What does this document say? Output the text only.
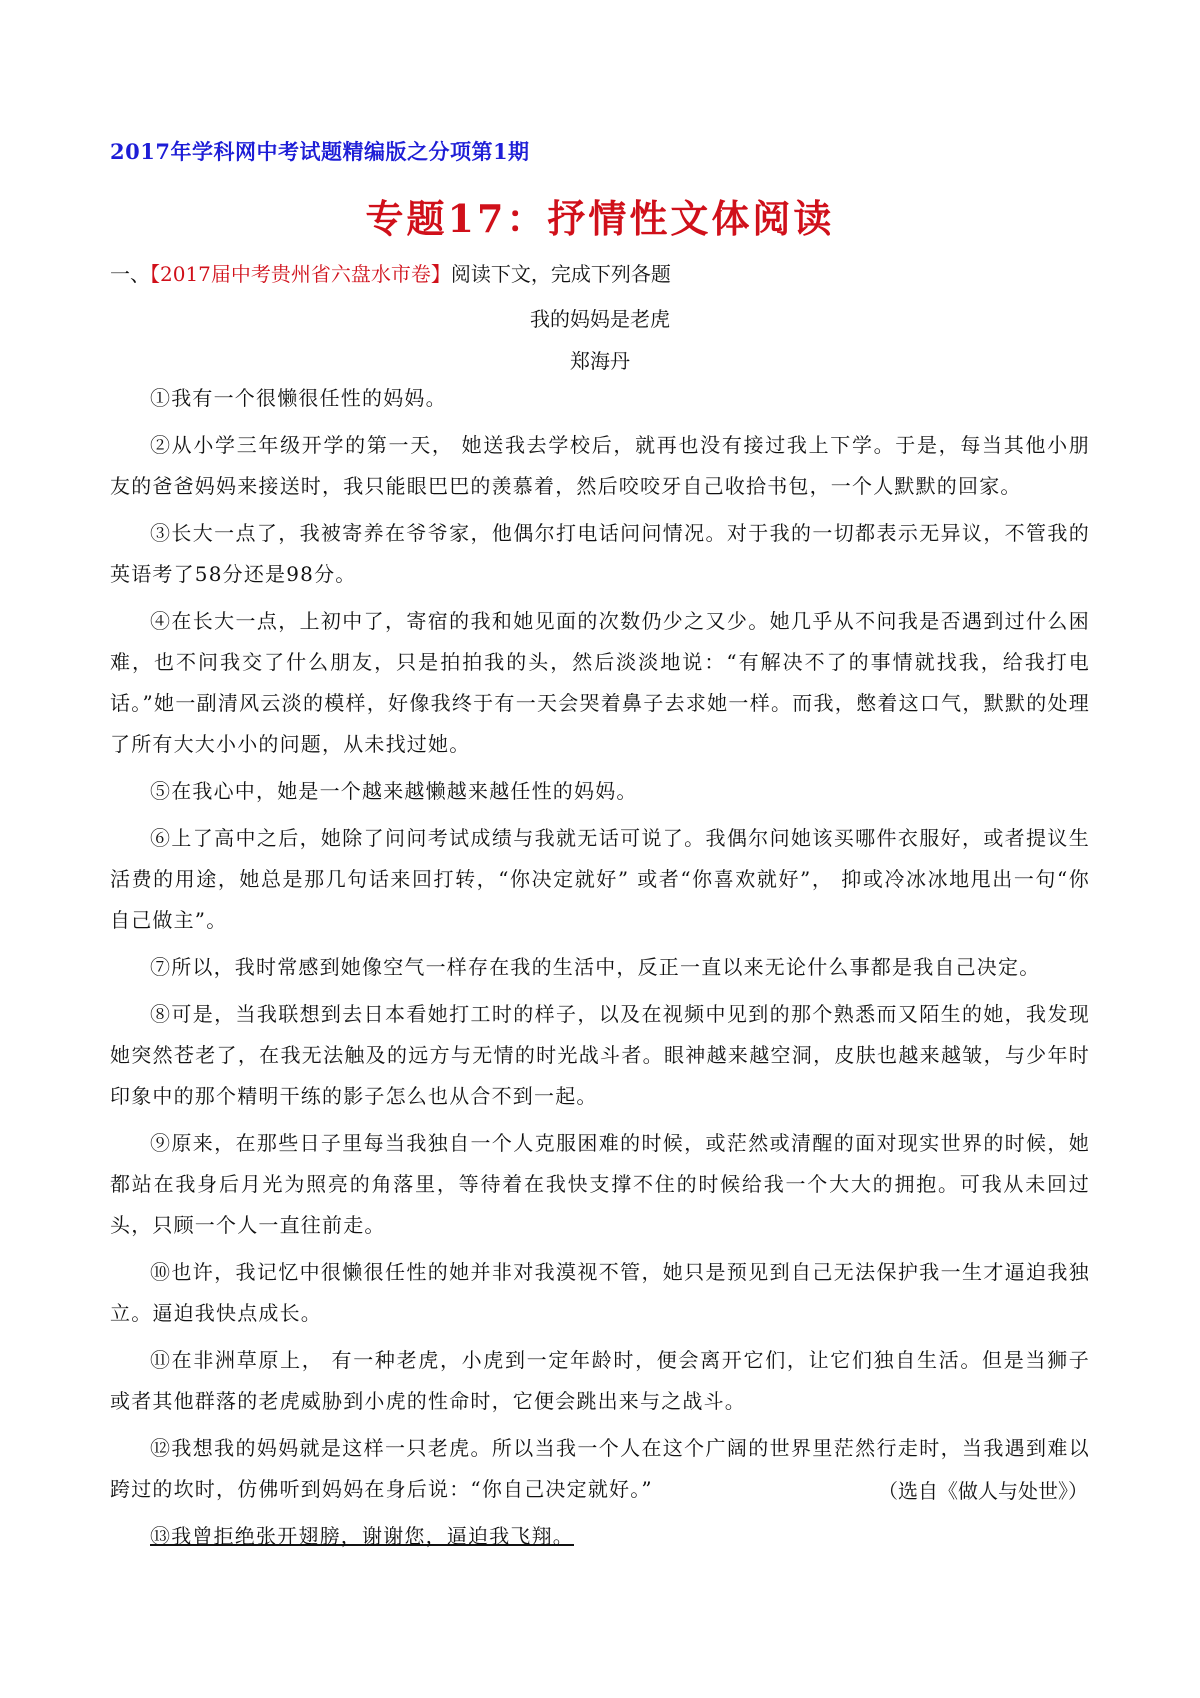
2017年学科网中考试题精编版之分项第1期
专题17：抒情性文体阅读
一、【2017届中考贵州省六盘水市卷】阅读下文，完成下列各题
我的妈妈是老虎
郑海丹

①我有一个很懒很任性的妈妈。

②从小学三年级开学的第一天， 她送我去学校后，就再也没有接过我上下学。于是，每当其他小朋友的爸爸妈妈来接送时，我只能眼巴巴的羡慕着，然后咬咬牙自己收拾书包，一个人默默的回家。

③长大一点了，我被寄养在爷爷家，他偶尔打电话问问情况。对于我的一切都表示无异议，不管我的英语考了58分还是98分。

④在长大一点，上初中了，寄宿的我和她见面的次数仍少之又少。她几乎从不问我是否遇到过什么困难，也不问我交了什么朋友，只是拍拍我的头，然后淡淡地说：“有解决不了的事情就找我，给我打电话。”她一副清风云淡的模样，好像我终于有一天会哭着鼻子去求她一样。而我，憋着这口气，默默的处理了所有大大小小的问题，从未找过她。

⑤在我心中，她是一个越来越懒越来越任性的妈妈。

⑥上了高中之后，她除了问问考试成绩与我就无话可说了。我偶尔问她该买哪件衣服好，或者提议生活费的用途，她总是那几句话来回打转，“你决定就好” 或者“你喜欢就好”， 抑或冷冰冰地甩出一句“你自己做主”。

⑦所以，我时常感到她像空气一样存在我的生活中，反正一直以来无论什么事都是我自己决定。

⑧可是，当我联想到去日本看她打工时的样子，以及在视频中见到的那个熟悉而又陌生的她，我发现她突然苍老了，在我无法触及的远方与无情的时光战斗者。眼神越来越空洞，皮肤也越来越皱，与少年时印象中的那个精明干练的影子怎么也从合不到一起。

⑨原来，在那些日子里每当我独自一个人克服困难的时候，或茫然或清醒的面对现实世界的时候，她都站在我身后月光为照亮的角落里，等待着在我快支撑不住的时候给我一个大大的拥抱。可我从未回过头，只顾一个人一直往前走。

⑩也许，我记忆中很懒很任性的她并非对我漠视不管，她只是预见到自己无法保护我一生才逼迫我独立。逼迫我快点成长。

⑪在非洲草原上， 有一种老虎，小虎到一定年龄时，便会离开它们，让它们独自生活。但是当狮子或者其他群落的老虎威胁到小虎的性命时，它便会跳出来与之战斗。

⑫我想我的妈妈就是这样一只老虎。所以当我一个人在这个广阔的世界里茫然行走时，当我遇到难以跨过的坎时，仿佛听到妈妈在身后说：“你自己决定就好。”

⑬我曾拒绝张开翅膀，谢谢您，逼迫我飞翔。

（选自《做人与处世》）
